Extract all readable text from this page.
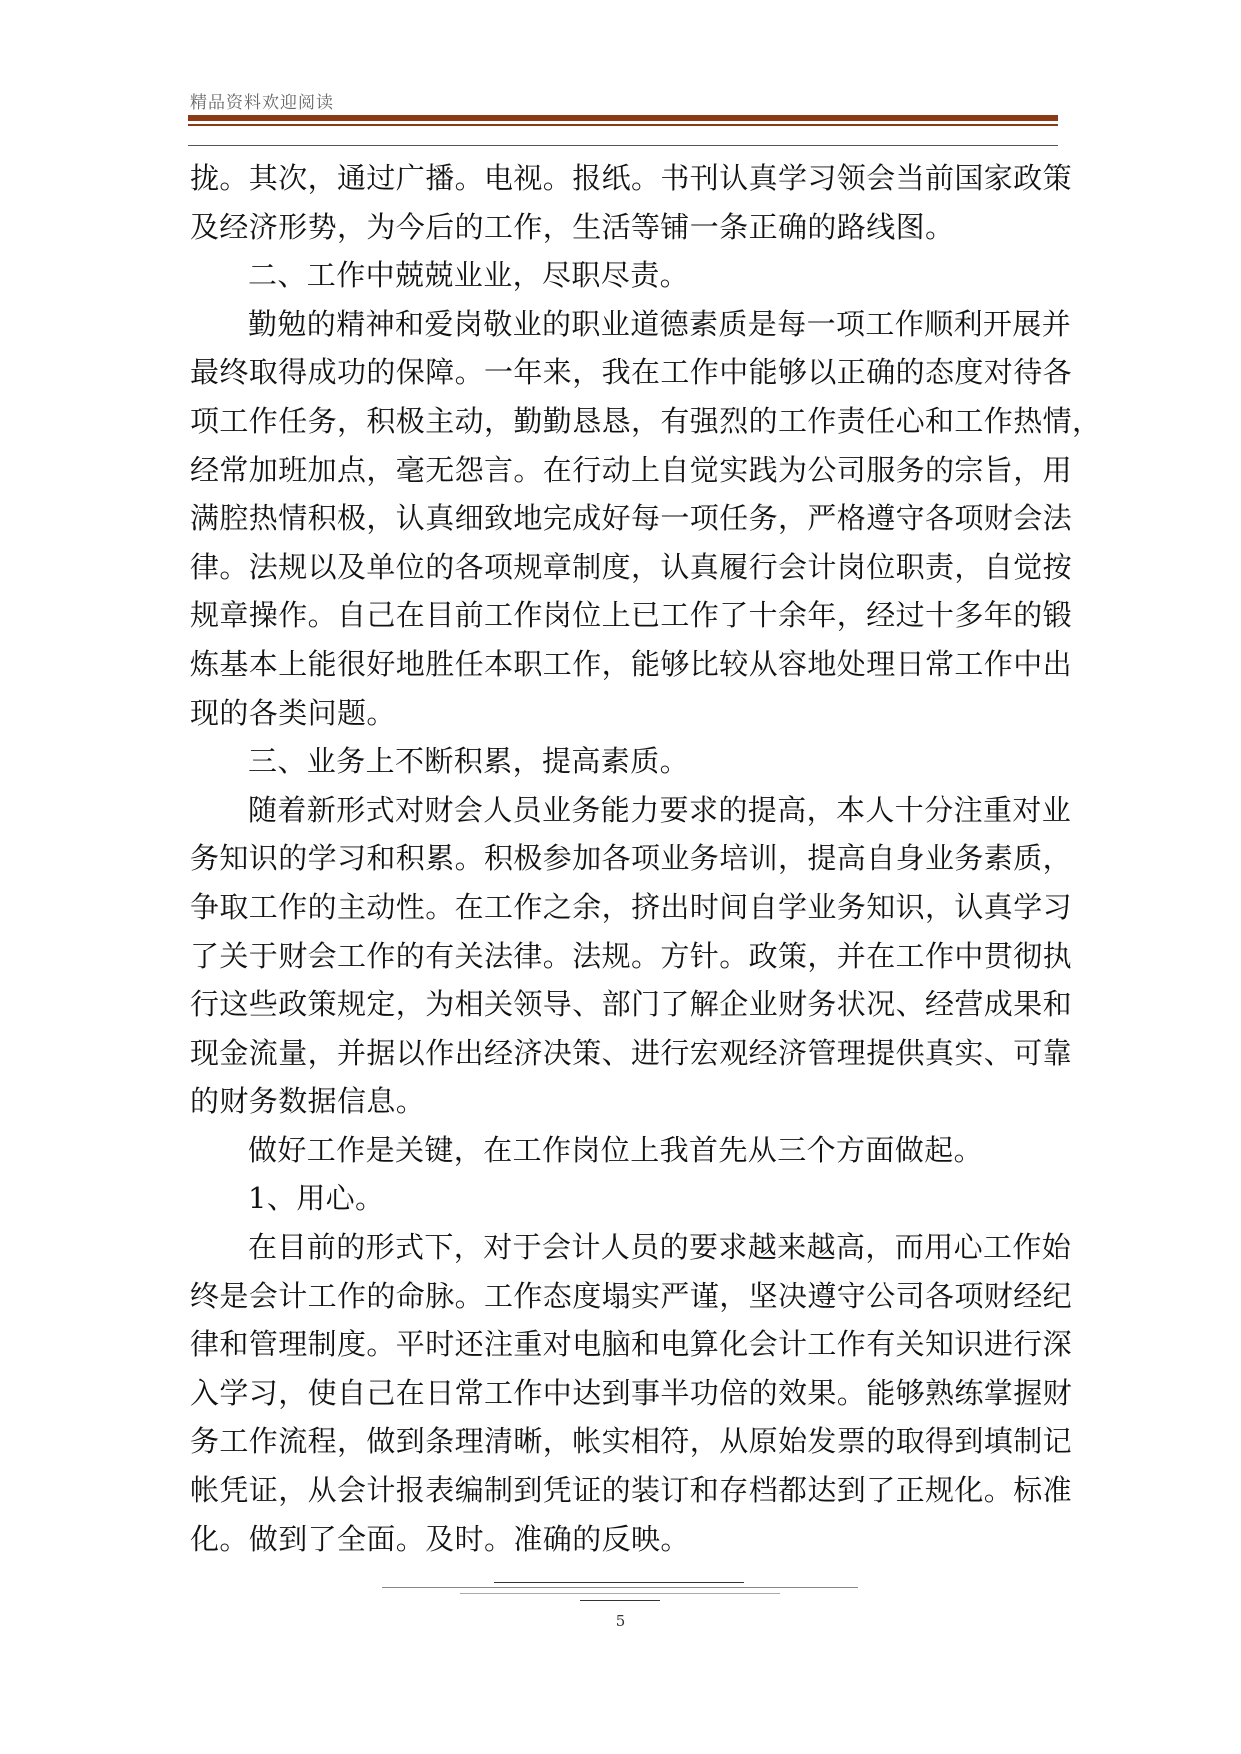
精品资料欢迎阅读
拢。其次，通过广播。电视。报纸。书刊认真学习领会当前国家政策
及经济形势，为今后的工作，生活等铺一条正确的路线图。
二、工作中兢兢业业，尽职尽责。
勤勉的精神和爱岗敬业的职业道德素质是每一项工作顺利开展并
最终取得成功的保障。一年来，我在工作中能够以正确的态度对待各
项工作任务，积极主动，勤勤恳恳，有强烈的工作责任心和工作热情，
经常加班加点，毫无怨言。在行动上自觉实践为公司服务的宗旨，用
满腔热情积极，认真细致地完成好每一项任务，严格遵守各项财会法
律。法规以及单位的各项规章制度，认真履行会计岗位职责，自觉按
规章操作。自己在目前工作岗位上已工作了十余年，经过十多年的锻
炼基本上能很好地胜任本职工作，能够比较从容地处理日常工作中出
现的各类问题。
三、业务上不断积累，提高素质。
随着新形式对财会人员业务能力要求的提高，本人十分注重对业
务知识的学习和积累。积极参加各项业务培训，提高自身业务素质，
争取工作的主动性。在工作之余，挤出时间自学业务知识，认真学习
了关于财会工作的有关法律。法规。方针。政策，并在工作中贯彻执
行这些政策规定，为相关领导、部门了解企业财务状况、经营成果和
现金流量，并据以作出经济决策、进行宏观经济管理提供真实、可靠
的财务数据信息。
做好工作是关键，在工作岗位上我首先从三个方面做起。
1、用心。
在目前的形式下，对于会计人员的要求越来越高，而用心工作始
终是会计工作的命脉。工作态度塌实严谨，坚决遵守公司各项财经纪
律和管理制度。平时还注重对电脑和电算化会计工作有关知识进行深
入学习，使自己在日常工作中达到事半功倍的效果。能够熟练掌握财
务工作流程，做到条理清晰，帐实相符，从原始发票的取得到填制记
帐凭证，从会计报表编制到凭证的装订和存档都达到了正规化。标准
化。做到了全面。及时。准确的反映。
5
